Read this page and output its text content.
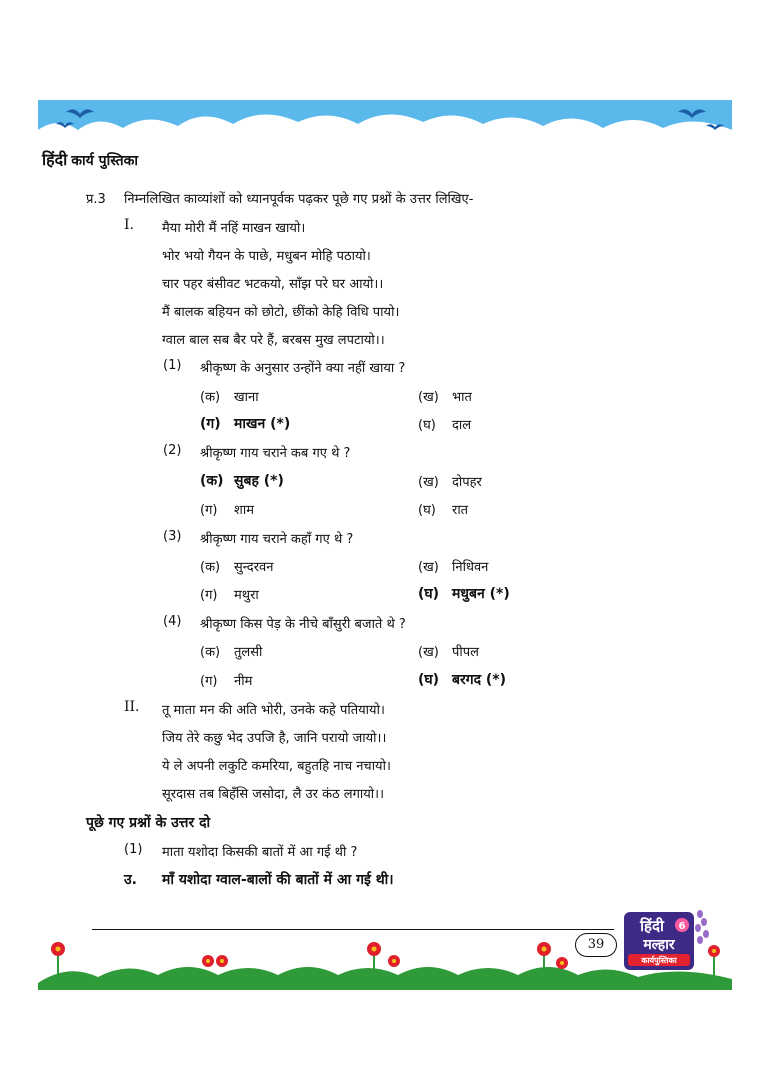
हिंदी कार्य पुस्तिका
प्र.3 निम्नलिखित काव्यांशों को ध्यानपूर्वक पढ़कर पूछे गए प्रश्नों के उत्तर लिखिए-
I. मैया मोरी मैं नहिं माखन खायो।
भोर भयो गैयन के पाछे, मधुबन मोहि पठायो।
चार पहर बंसीवट भटकयो, साँझ परे घर आयो।।
मैं बालक बहियन को छोटो, छींको केहि विधि पायो।
ग्वाल बाल सब बैर परे हैं, बरबस मुख लपटायो।।
(1) श्रीकृष्ण के अनुसार उन्होंने क्या नहीं खाया ?
(क) खाना	(ख) भात
(ग) माखन (*)	(घ) दाल
(2) श्रीकृष्ण गाय चराने कब गए थे ?
(क) सुबह (*)	(ख) दोपहर
(ग) शाम	(घ) रात
(3) श्रीकृष्ण गाय चराने कहाँ गए थे ?
(क) सुन्दरवन	(ख) निधिवन
(ग) मथुरा	(घ) मधुबन (*)
(4) श्रीकृष्ण किस पेड़ के नीचे बाँसुरी बजाते थे ?
(क) तुलसी	(ख) पीपल
(ग) नीम	(घ) बरगद (*)
II. तू माता मन की अति भोरी, उनके कहे पतियायो।
जिय तेरे कछु भेद उपजि है, जानि परायो जायो।।
ये ले अपनी लकुटि कमरिया, बहुतहि नाच नचायो।
सूरदास तब बिहँसि जसोदा, लै उर कंठ लगायो।।
पूछे गए प्रश्नों के उत्तर दो
(1) माता यशोदा किसकी बातों में आ गई थी ?
उ. माँ यशोदा ग्वाल-बालों की बातों में आ गई थी।
39
हिंदी 6
मल्हार
कार्यपुस्तिका
